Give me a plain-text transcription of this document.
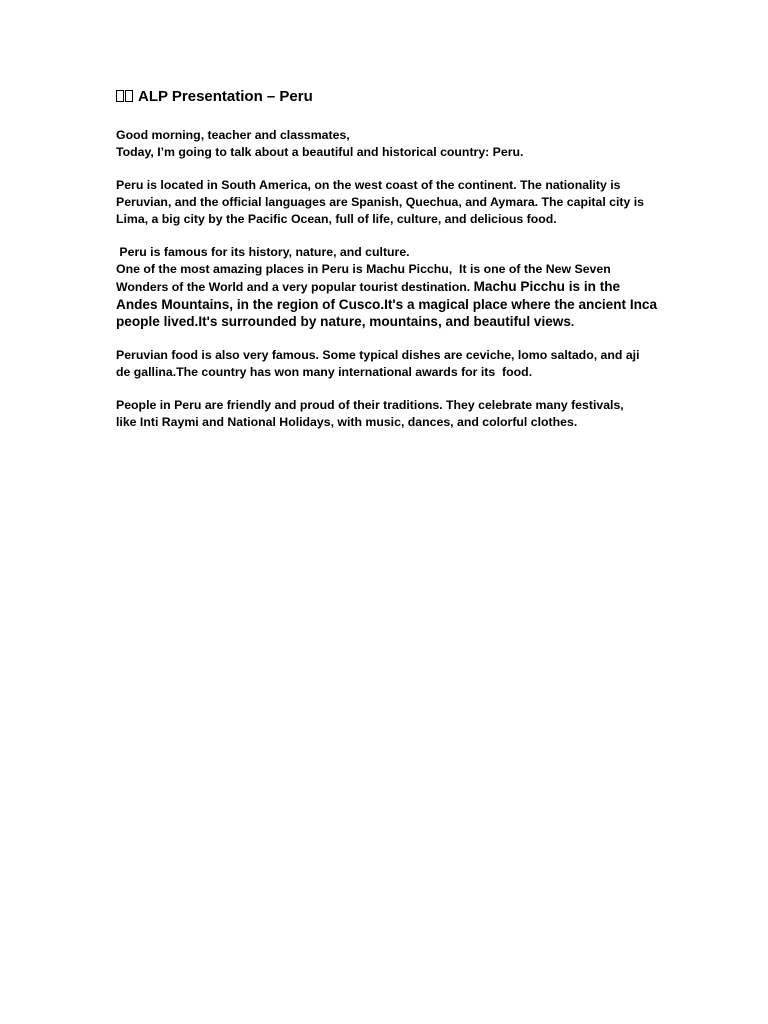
ALP Presentation – Peru

Good morning, teacher and classmates,
Today, I’m going to talk about a beautiful and historical country: Peru.

Peru is located in South America, on the west coast of the continent. The nationality is
Peruvian, and the official languages are Spanish, Quechua, and Aymara. The capital city is
Lima, a big city by the Pacific Ocean, full of life, culture, and delicious food.

Peru is famous for its history, nature, and culture.
One of the most amazing places in Peru is Machu Picchu,  It is one of the New Seven
Wonders of the World and a very popular tourist destination. Machu Picchu is in the
Andes Mountains, in the region of Cusco.It's a magical place where the ancient Inca
people lived.It's surrounded by nature, mountains, and beautiful views.

Peruvian food is also very famous. Some typical dishes are ceviche, lomo saltado, and aji
de gallina.The country has won many international awards for its  food.

People in Peru are friendly and proud of their traditions. They celebrate many festivals,
like Inti Raymi and National Holidays, with music, dances, and colorful clothes.
